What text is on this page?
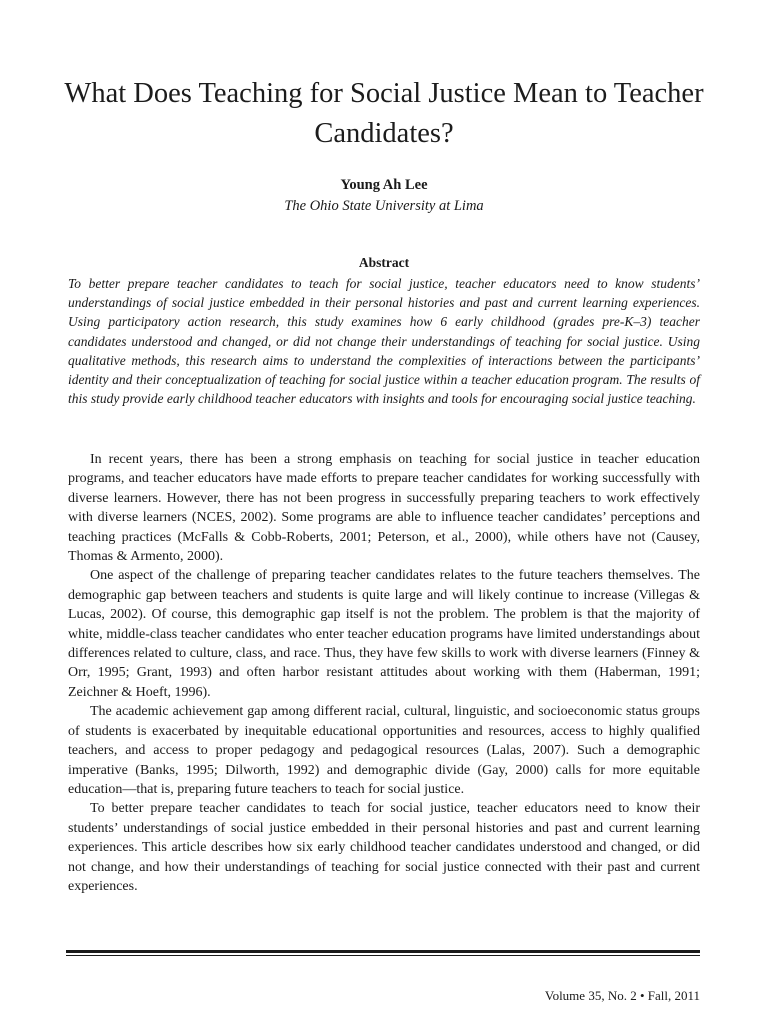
What Does Teaching for Social Justice Mean to Teacher Candidates?

Young Ah Lee

The Ohio State University at Lima

Abstract

To better prepare teacher candidates to teach for social justice, teacher educators need to know students’ understandings of social justice embedded in their personal histories and past and current learning experiences. Using participatory action research, this study examines how 6 early childhood (grades pre-K–3) teacher candidates understood and changed, or did not change their understandings of teaching for social justice. Using qualitative methods, this research aims to understand the complexities of interactions between the participants’ identity and their conceptualization of teaching for social justice within a teacher education program. The results of this study provide early childhood teacher educators with insights and tools for encouraging social justice teaching.

In recent years, there has been a strong emphasis on teaching for social justice in teacher education programs, and teacher educators have made efforts to prepare teacher candidates for working successfully with diverse learners. However, there has not been progress in successfully preparing teachers to work effectively with diverse learners (NCES, 2002). Some programs are able to influence teacher candidates’ perceptions and teaching practices (McFalls & Cobb-Roberts, 2001; Peterson, et al., 2000), while others have not (Causey, Thomas & Armento, 2000).

One aspect of the challenge of preparing teacher candidates relates to the future teachers themselves. The demographic gap between teachers and students is quite large and will likely continue to increase (Villegas & Lucas, 2002). Of course, this demographic gap itself is not the problem. The problem is that the majority of white, middle-class teacher candidates who enter teacher education programs have limited understandings about differences related to culture, class, and race. Thus, they have few skills to work with diverse learners (Finney & Orr, 1995; Grant, 1993) and often harbor resistant attitudes about working with them (Haberman, 1991; Zeichner & Hoeft, 1996).

The academic achievement gap among different racial, cultural, linguistic, and socioeconomic status groups of students is exacerbated by inequitable educational opportunities and resources, access to highly qualified teachers, and access to proper pedagogy and pedagogical resources (Lalas, 2007). Such a demographic imperative (Banks, 1995; Dilworth, 1992) and demographic divide (Gay, 2000) calls for more equitable education—that is, preparing future teachers to teach for social justice.

To better prepare teacher candidates to teach for social justice, teacher educators need to know their students’ understandings of social justice embedded in their personal histories and past and current learning experiences. This article describes how six early childhood teacher candidates understood and changed, or did not change, and how their understandings of teaching for social justice connected with their past and current experiences.

Volume 35, No. 2 • Fall, 2011
